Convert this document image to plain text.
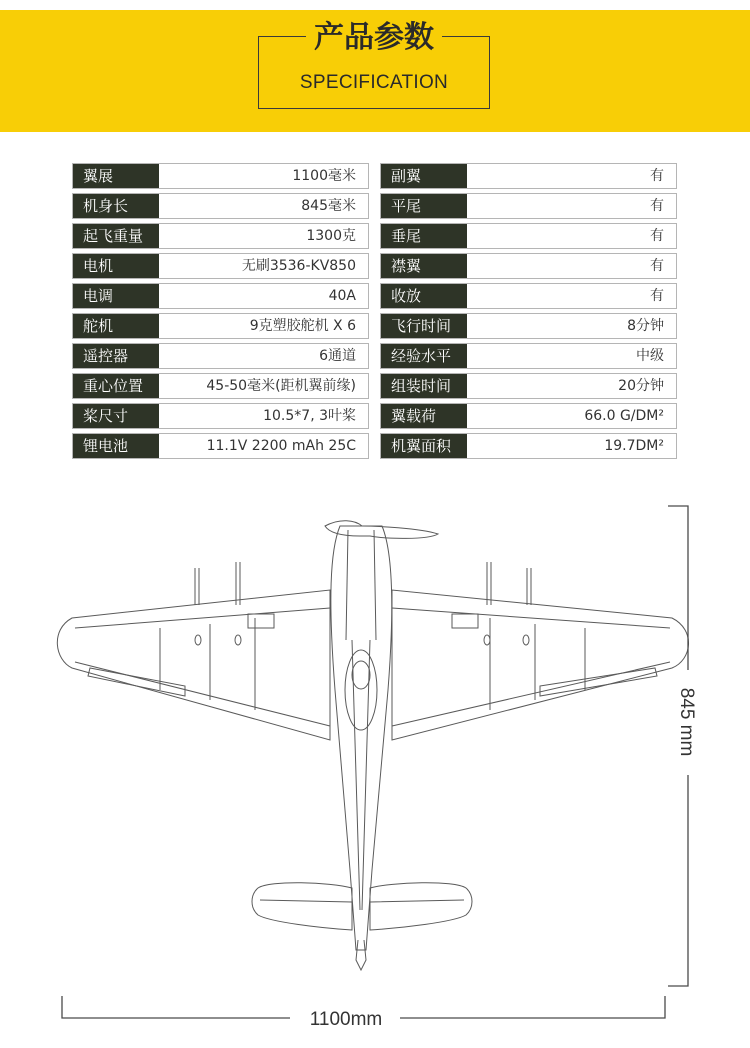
产品参数
SPECIFICATION
翼展	1100毫米
机身长	845毫米
起飞重量	1300克
电机	无刷3536-KV850
电调	40A
舵机	9克塑胶舵机 X 6
遥控器	6通道
重心位置	45-50毫米(距机翼前缘)
桨尺寸	10.5*7, 3叶桨
锂电池	11.1V 2200 mAh 25C
副翼	有
平尾	有
垂尾	有
襟翼	有
收放	有
飞行时间	8分钟
经验水平	中级
组装时间	20分钟
翼载荷	66.0 G/DM²
机翼面积	19.7DM²
845 mm
1100mm
